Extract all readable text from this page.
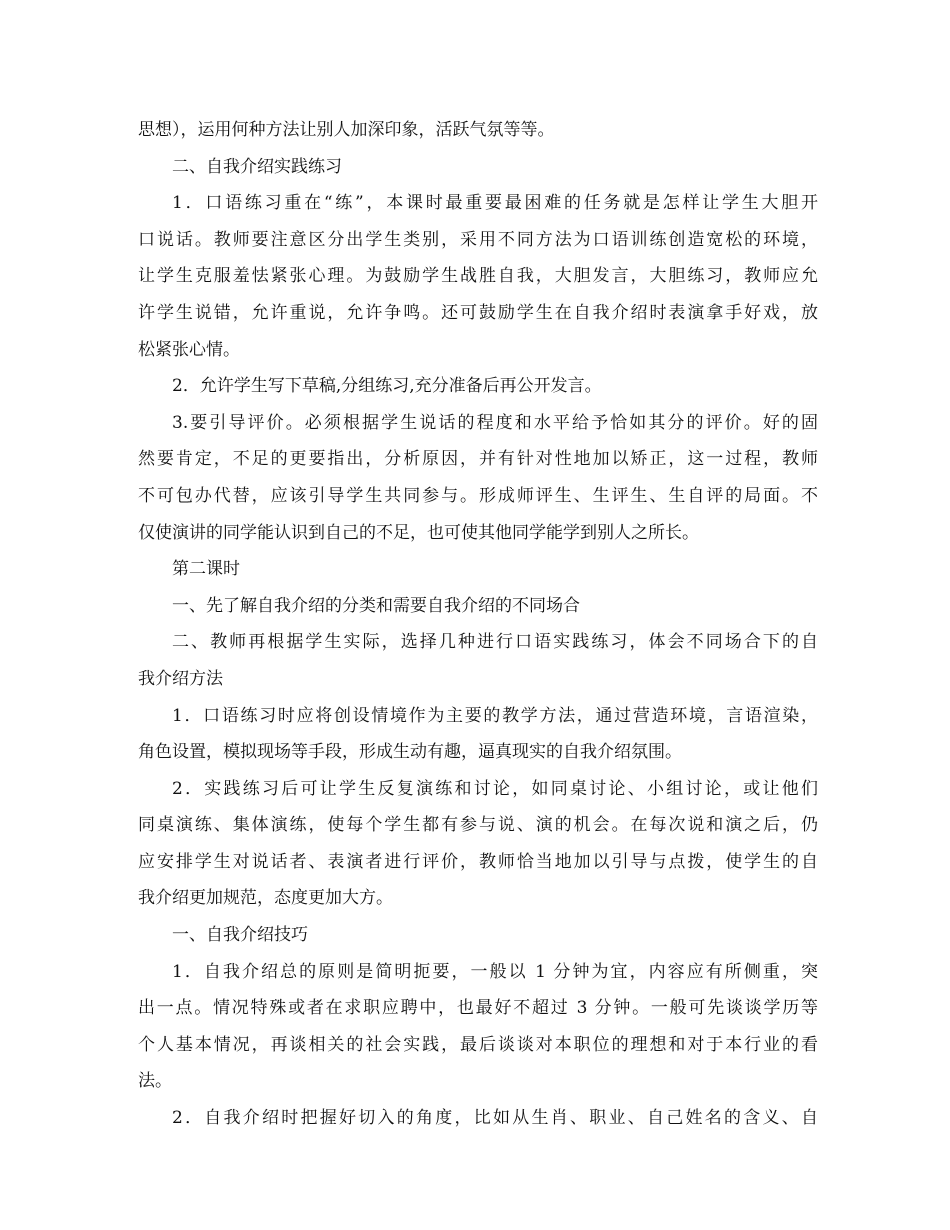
思想），运用何种方法让别人加深印象，活跃气氛等等。
二、自我介绍实践练习
1．口语练习重在“练”，本课时最重要最困难的任务就是怎样让学生大胆开
口说话。教师要注意区分出学生类别，采用不同方法为口语训练创造宽松的环境，
让学生克服羞怯紧张心理。为鼓励学生战胜自我，大胆发言，大胆练习，教师应允
许学生说错，允许重说，允许争鸣。还可鼓励学生在自我介绍时表演拿手好戏，放
松紧张心情。
2．允许学生写下草稿,分组练习,充分准备后再公开发言。
3.要引导评价。必须根据学生说话的程度和水平给予恰如其分的评价。好的固
然要肯定，不足的更要指出，分析原因，并有针对性地加以矫正，这一过程，教师
不可包办代替，应该引导学生共同参与。形成师评生、生评生、生自评的局面。不
仅使演讲的同学能认识到自己的不足，也可使其他同学能学到别人之所长。
第二课时
一、先了解自我介绍的分类和需要自我介绍的不同场合
二、教师再根据学生实际，选择几种进行口语实践练习，体会不同场合下的自
我介绍方法
1．口语练习时应将创设情境作为主要的教学方法，通过营造环境，言语渲染，
角色设置，模拟现场等手段，形成生动有趣，逼真现实的自我介绍氛围。
2．实践练习后可让学生反复演练和讨论，如同桌讨论、小组讨论，或让他们
同桌演练、集体演练，使每个学生都有参与说、演的机会。在每次说和演之后，仍
应安排学生对说话者、表演者进行评价，教师恰当地加以引导与点拨，使学生的自
我介绍更加规范，态度更加大方。
一、自我介绍技巧
1．自我介绍总的原则是简明扼要，一般以 1 分钟为宜，内容应有所侧重，突
出一点。情况特殊或者在求职应聘中，也最好不超过 3 分钟。一般可先谈谈学历等
个人基本情况，再谈相关的社会实践，最后谈谈对本职位的理想和对于本行业的看
法。
2．自我介绍时把握好切入的角度，比如从生肖、职业、自己姓名的含义、自
